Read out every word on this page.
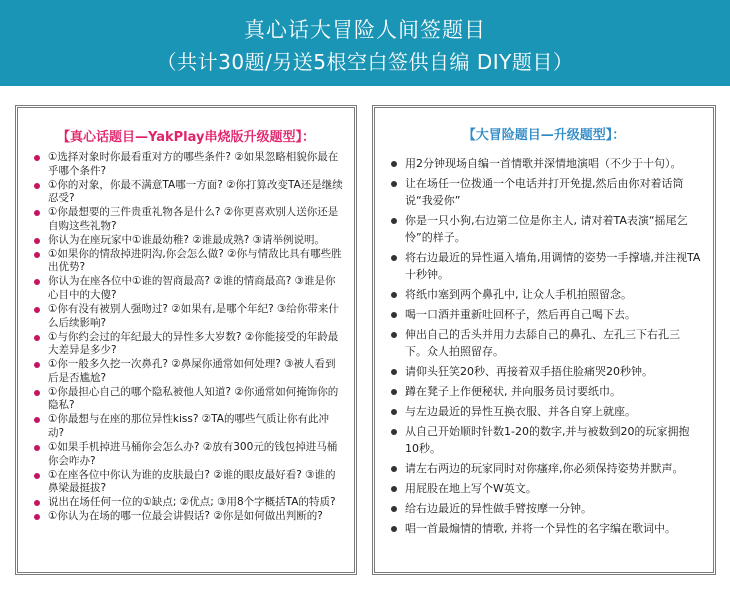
真心话大冒险人间签题目
（共计30题/另送5根空白签供自编 DIY题目）
【真心话题目—YakPlay串烧版升级题型】：
①选择对象时你最看重对方的哪些条件? ②如果忽略相貌你最在乎哪个条件?
①你的对象，你最不满意TA哪一方面? ②你打算改变TA还是继续忍受?
①你最想要的三件贵重礼物各是什么? ②你更喜欢别人送你还是自购这些礼物?
你认为在座玩家中①谁最幼稚? ②谁最成熟? ③请举例说明。
①如果你的情敌掉进阴沟,你会怎么做? ②你与情敌比具有哪些胜出优势?
你认为在座各位中①谁的智商最高? ②谁的情商最高? ③谁是你心目中的大傻?
①你有没有被别人强吻过? ②如果有,是哪个年纪? ③给你带来什么后续影响?
①与你约会过的年纪最大的异性多大岁数? ②你能接受的年龄最大差异是多少?
①你一般多久挖一次鼻孔? ②鼻屎你通常如何处理? ③被人看到后是否尴尬?
①你最担心自己的哪个隐私被他人知道? ②你通常如何掩饰你的隐私?
①你最想与在座的那位异性kiss? ②TA的哪些气质让你有此冲动?
①如果手机掉进马桶你会怎么办? ②放有300元的钱包掉进马桶你会咋办?
①在座各位中你认为谁的皮肤最白? ②谁的眼皮最好看? ③谁的鼻梁最挺拔?
说出在场任何一位的①缺点; ②优点; ③用8个字概括TA的特质?
①你认为在场的哪一位最会讲假话? ②你是如何做出判断的?
【大冒险题目—升级题型】：
用2分钟现场自编一首情歌并深情地演唱（不少于十句）。
让在场任一位拨通一个电话并打开免提,然后由你对着话筒说“我爱你”
你是一只小狗,右边第二位是你主人, 请对着TA表演“摇尾乞怜”的样子。
将右边最近的异性逼入墙角,用调情的姿势一手撑墙,并注视TA十秒钟。
将纸巾塞到两个鼻孔中, 让众人手机拍照留念。
喝一口酒并重新吐回杯子，然后再自己喝下去。
伸出自己的舌头并用力去舔自己的鼻孔、左孔三下右孔三下。众人拍照留存。
请仰头狂笑20秒、再接着双手捂住脸痛哭20秒钟。
蹲在凳子上作便秘状, 并向服务员讨要纸巾。
与左边最近的异性互换衣服、并各自穿上就座。
从自己开始顺时针数1-20的数字,并与被数到20的玩家拥抱10秒。
请左右两边的玩家同时对你瘙痒,你必须保持姿势并默声。
用屁股在地上写个W英文。
给右边最近的异性做手臂按摩一分钟。
唱一首最煽情的情歌, 并将一个异性的名字编在歌词中。
